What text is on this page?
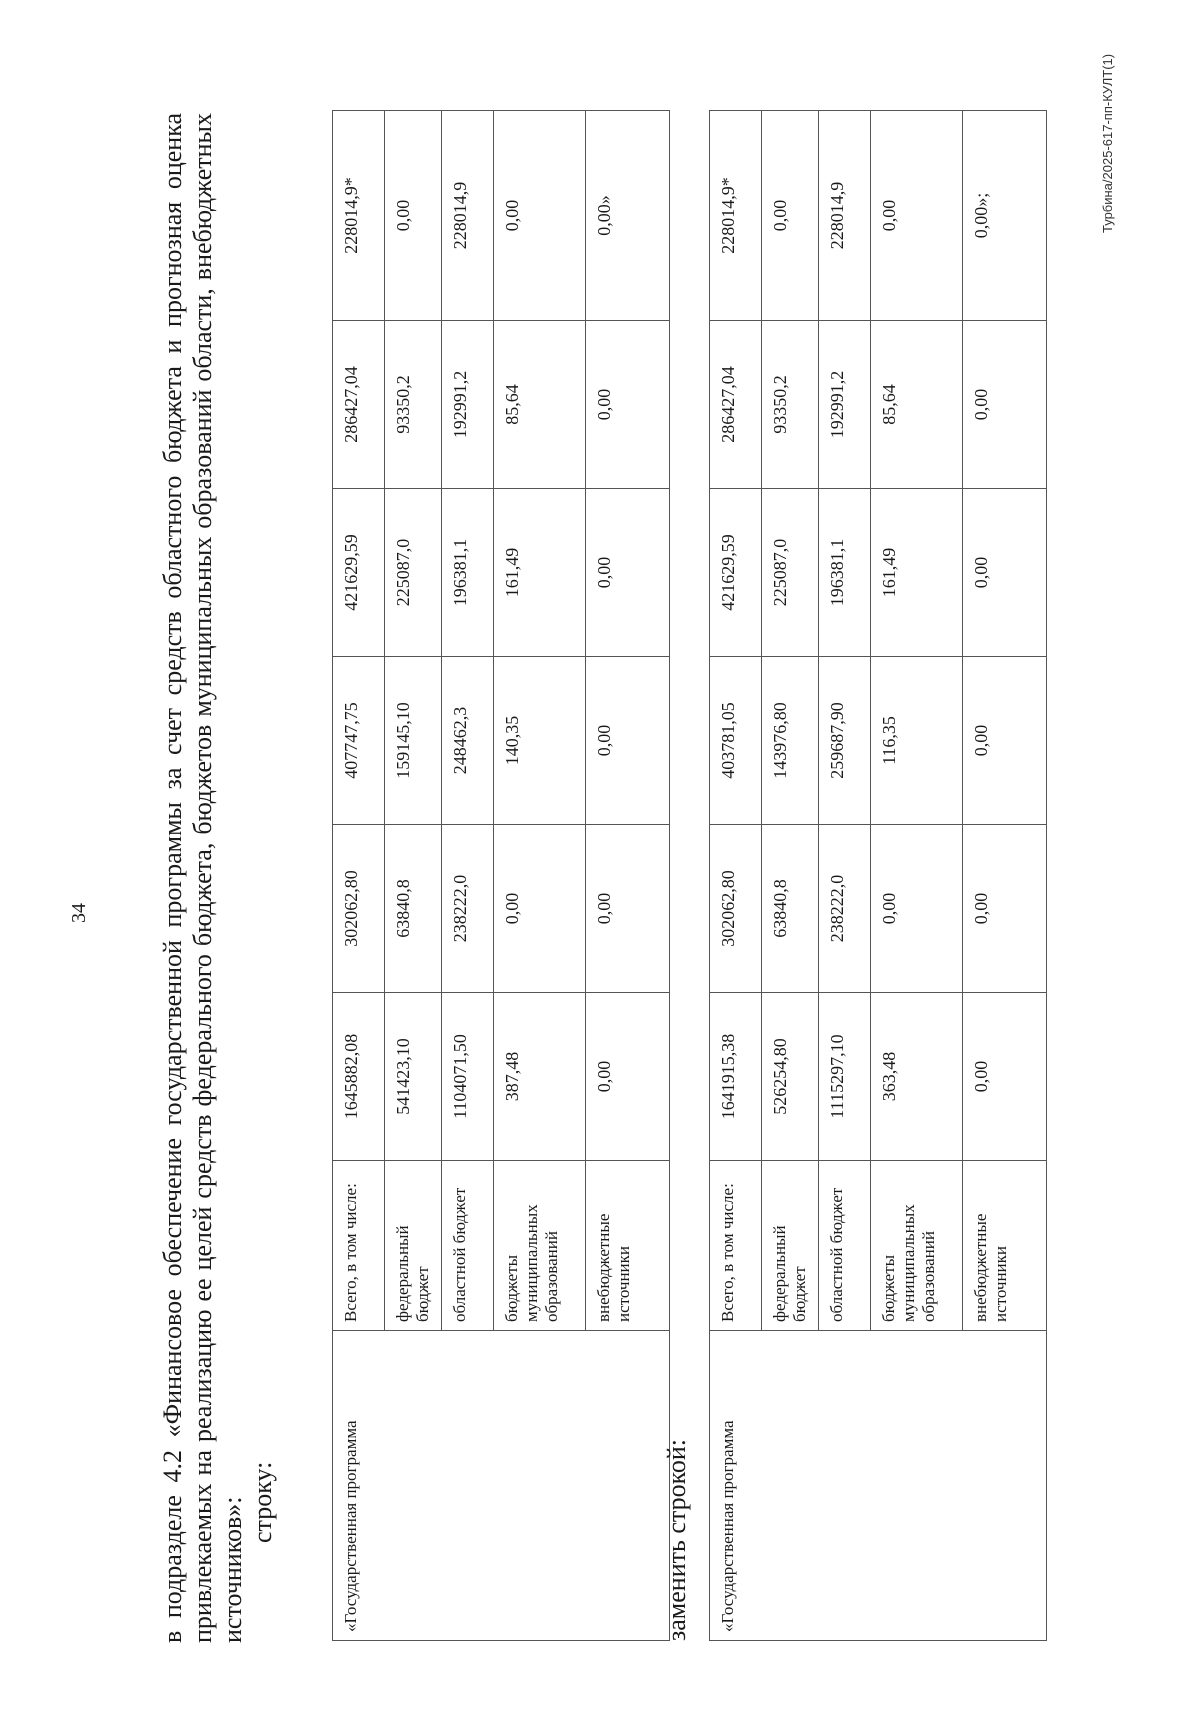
34	в подразделе 4.2 «Финансовое обеспечение государственной программы за счет средств областного бюджета и прогнозная оценка привлекаемых на реализацию ее целей средств федерального бюджета, бюджетов муниципальных образований области, внебюджетных источников»: строку:	«Государственная программа	Всего, в том числе:	1645882,08	302062,80	407747,75	421629,59	286427,04	228014,9*
	федеральный бюджет	541423,10	63840,8	159145,10	225087,0	93350,2	0,00
	областной бюджет	1104071,50	238222,0	248462,3	196381,1	192991,2	228014,9
	бюджеты муниципальных образований	387,48	0,00	140,35	161,49	85,64	0,00
	внебюджетные источники	0,00	0,00	0,00	0,00	0,00	0,00»
заменить строкой: «Государственная программа	Всего, в том числе:	1641915,38	302062,80	403781,05	421629,59	286427,04	228014,9*
	федеральный бюджет	526254,80	63840,8	143976,80	225087,0	93350,2	0,00
	областной бюджет	1115297,10	238222,0	259687,90	196381,1	192991,2	228014,9
	бюджеты муниципальных образований	363,48	0,00	116,35	161,49	85,64	0,00
	внебюджетные источники	0,00	0,00	0,00	0,00	0,00	0,00»;	Турбина/2025-617-пп-КУЛТ(1)
